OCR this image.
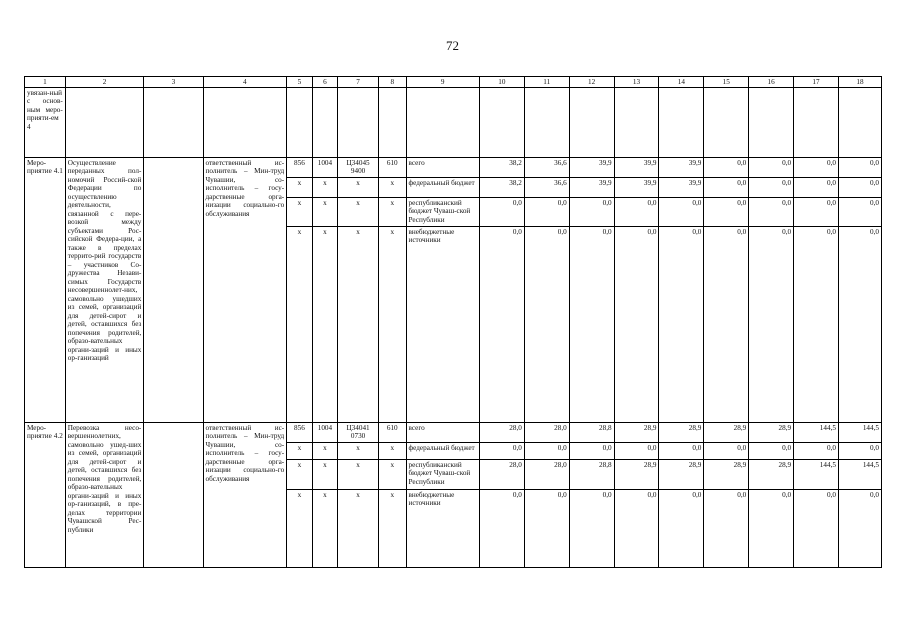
72
1	2	3	4	5	6	7	8	9	10	11	12	13	14	15	16	17	18
увязан-ный с основ-ным меро-прияти-ем 4																	
Меро-приятие 4.1	Осуществление переданных пол-номочий Россий-ской Федерации по осуществлению деятельности, связанной с пере-возкой между субъектами Рос-сийской Федера-ции, а также в пределах террито-рий государств – участников Со-дружества Незави-симых Государств несовершеннолет-них, самовольно ушедших из семей, организаций для детей-сирот и детей, оставшихся без попечения родителей, образо-вательных органи-заций и иных ор-ганизаций		ответственный ис-полнитель – Мин-труд Чувашии, со-исполнитель – госу-дарственные орга-низации социально-го обслуживания	856	1004	Ц34045 9400	610	всего	38,2	36,6	39,9	39,9	39,9	0,0	0,0	0,0	0,0
				x	x	x	x	федеральный бюджет	38,2	36,6	39,9	39,9	39,9	0,0	0,0	0,0	0,0
				x	x	x	x	республиканский бюджет Чуваш-ской Республики	0,0	0,0	0,0	0,0	0,0	0,0	0,0	0,0	0,0
				x	x	x	x	внебюджетные источники	0,0	0,0	0,0	0,0	0,0	0,0	0,0	0,0	0,0
Меро-приятие 4.2	Перевозка несо-вершеннолетних, самовольно ушед-ших из семей, организаций для детей-сирот и детей, оставшихся без попечения родителей, образо-вательных органи-заций и иных ор-ганизаций, в пре-делах территории Чувашской Рес-публики		ответственный ис-полнитель – Мин-труд Чувашии, со-исполнитель – госу-дарственные орга-низации социально-го обслуживания	856	1004	Ц34041 0730	610	всего	28,0	28,0	28,8	28,9	28,9	28,9	28,9	144,5	144,5
				x	x	x	x	федеральный бюджет	0,0	0,0	0,0	0,0	0,0	0,0	0,0	0,0	0,0
				x	x	x	x	республиканский бюджет Чуваш-ской Республики	28,0	28,0	28,8	28,9	28,9	28,9	28,9	144,5	144,5
				x	x	x	x	внебюджетные источники	0,0	0,0	0,0	0,0	0,0	0,0	0,0	0,0	0,0
